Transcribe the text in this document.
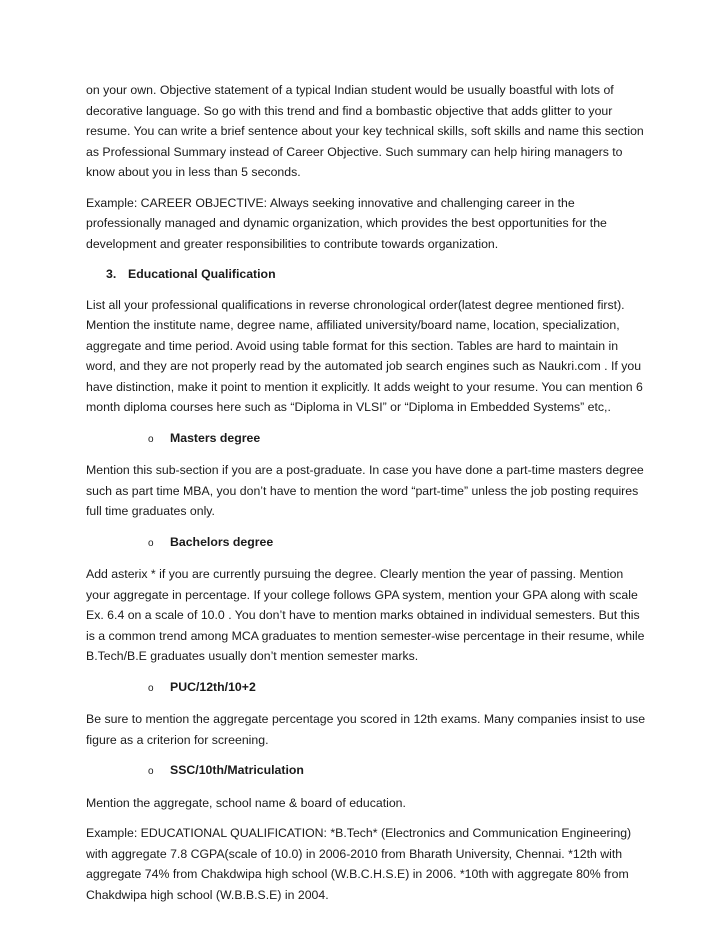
on your own. Objective statement of a typical Indian student would be usually boastful with lots of decorative language. So go with this trend and find a bombastic objective that adds glitter to your resume. You can write a brief sentence about your key technical skills, soft skills and name this section as Professional Summary instead of Career Objective. Such summary can help hiring managers to know about you in less than 5 seconds.

Example: CAREER OBJECTIVE: Always seeking innovative and challenging career in the professionally managed and dynamic organization, which provides the best opportunities for the development and greater responsibilities to contribute towards organization.

3. Educational Qualification

List all your professional qualifications in reverse chronological order(latest degree mentioned first). Mention the institute name, degree name, affiliated university/board name, location, specialization, aggregate and time period. Avoid using table format for this section. Tables are hard to maintain in word, and they are not properly read by the automated job search engines such as Naukri.com . If you have distinction, make it point to mention it explicitly. It adds weight to your resume. You can mention 6 month diploma courses here such as “Diploma in VLSI” or “Diploma in Embedded Systems” etc,.

o Masters degree

Mention this sub-section if you are a post-graduate. In case you have done a part-time masters degree such as part time MBA, you don’t have to mention the word “part-time” unless the job posting requires full time graduates only.

o Bachelors degree

Add asterix * if you are currently pursuing the degree. Clearly mention the year of passing. Mention your aggregate in percentage. If your college follows GPA system, mention your GPA along with scale Ex. 6.4 on a scale of 10.0 . You don’t have to mention marks obtained in individual semesters. But this is a common trend among MCA graduates to mention semester-wise percentage in their resume, while B.Tech/B.E graduates usually don’t mention semester marks.

o PUC/12th/10+2

Be sure to mention the aggregate percentage you scored in 12th exams. Many companies insist to use figure as a criterion for screening.

o SSC/10th/Matriculation

Mention the aggregate, school name & board of education.

Example: EDUCATIONAL QUALIFICATION: *B.Tech* (Electronics and Communication Engineering) with aggregate 7.8 CGPA(scale of 10.0) in 2006-2010 from Bharath University, Chennai. *12th with aggregate 74% from Chakdwipa high school (W.B.C.H.S.E) in 2006. *10th with aggregate 80% from Chakdwipa high school (W.B.B.S.E) in 2004.
